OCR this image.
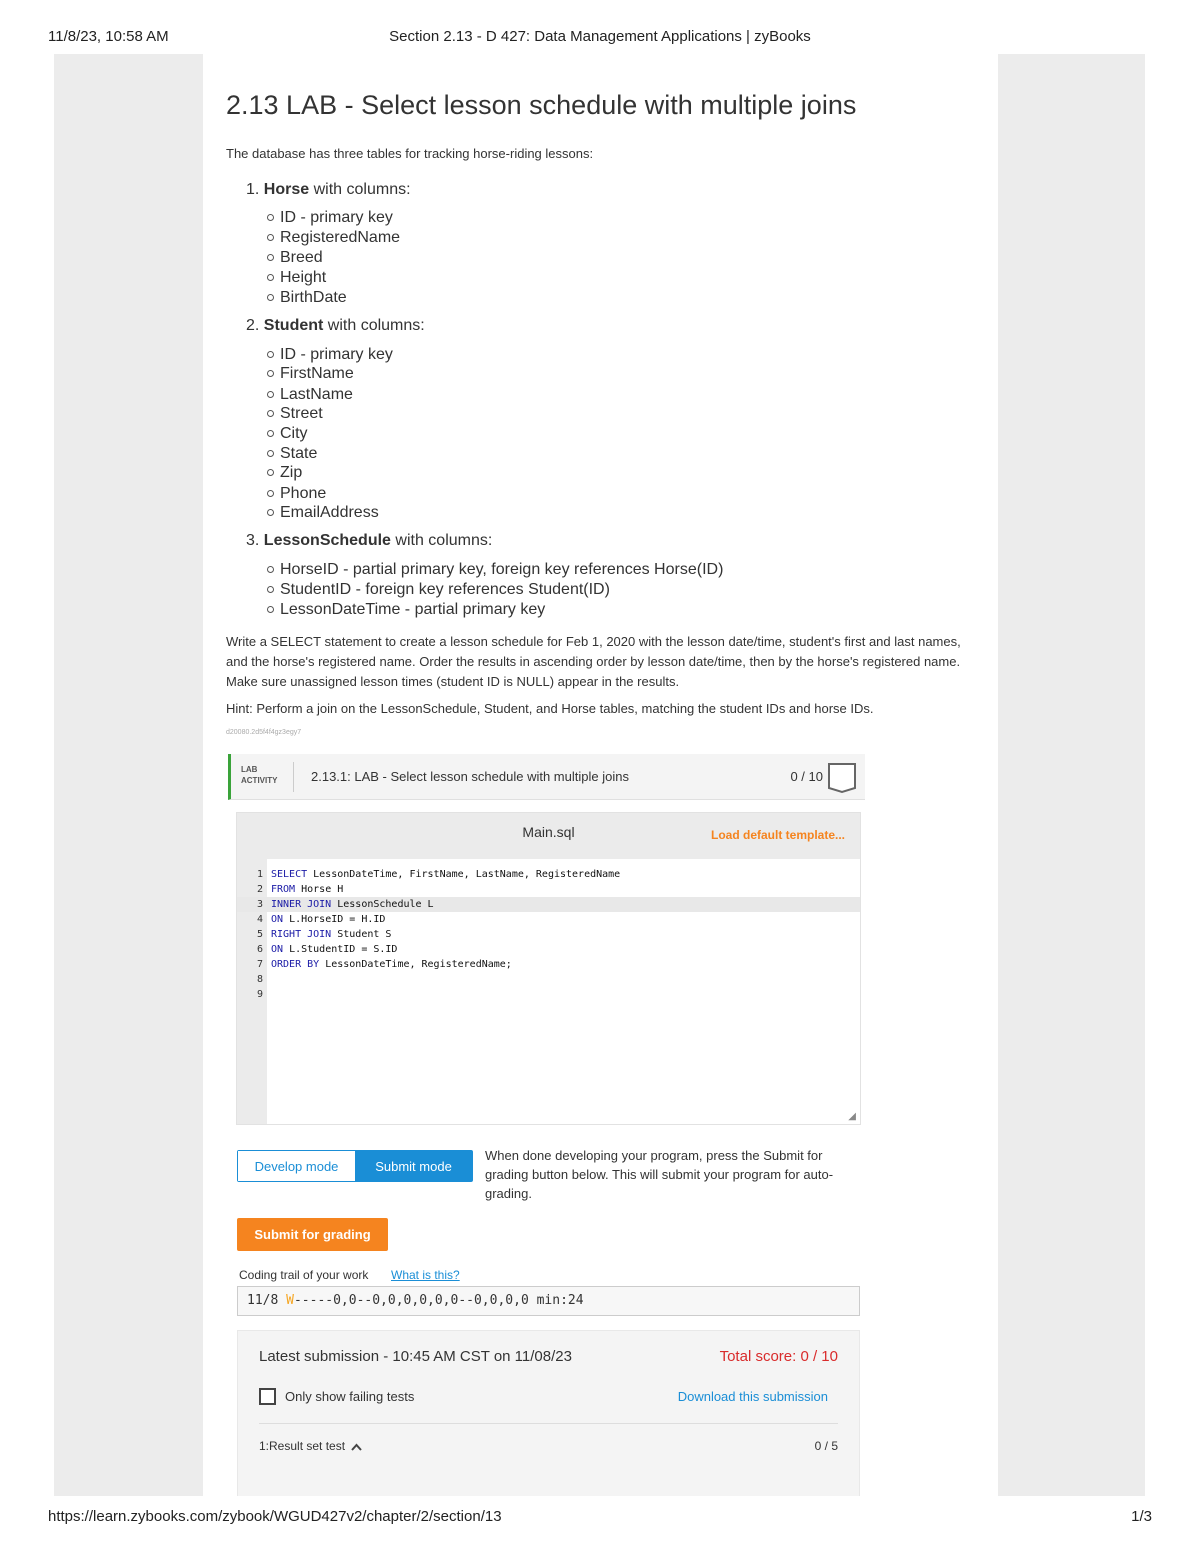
11/8/23, 10:58 AM	Section 2.13 - D 427: Data Management Applications | zyBooks
2.13 LAB - Select lesson schedule with multiple joins
The database has three tables for tracking horse-riding lessons:
1. Horse with columns:
ID - primary key
RegisteredName
Breed
Height
BirthDate
2. Student with columns:
ID - primary key
FirstName
LastName
Street
City
State
Zip
Phone
EmailAddress
3. LessonSchedule with columns:
HorseID - partial primary key, foreign key references Horse(ID)
StudentID - foreign key references Student(ID)
LessonDateTime - partial primary key
Write a SELECT statement to create a lesson schedule for Feb 1, 2020 with the lesson date/time, student's first and last names, and the horse's registered name. Order the results in ascending order by lesson date/time, then by the horse's registered name. Make sure unassigned lesson times (student ID is NULL) appear in the results.
Hint: Perform a join on the LessonSchedule, Student, and Horse tables, matching the student IDs and horse IDs.
d20080.2d5f4f4gz3egy7
LAB
ACTIVITY	2.13.1: LAB - Select lesson schedule with multiple joins	0 / 10
Main.sql	Load default template...
1 SELECT LessonDateTime, FirstName, LastName, RegisteredName
2 FROM Horse H
3 INNER JOIN LessonSchedule L
4 ON L.HorseID = H.ID
5 RIGHT JOIN Student S
6 ON L.StudentID = S.ID
7 ORDER BY LessonDateTime, RegisteredName;
8
9
◢
Develop mode	Submit mode
When done developing your program, press the Submit for grading button below. This will submit your program for auto-grading.
Submit for grading
Coding trail of your work What is this?
11/8 W-----0,0--0,0,0,0,0,0--0,0,0,0 min:24
Latest submission - 10:45 AM CST on 11/08/23	Total score: 0 / 10
Only show failing tests	Download this submission
1:Result set test	0 / 5
https://learn.zybooks.com/zybook/WGUD427v2/chapter/2/section/13	1/3
